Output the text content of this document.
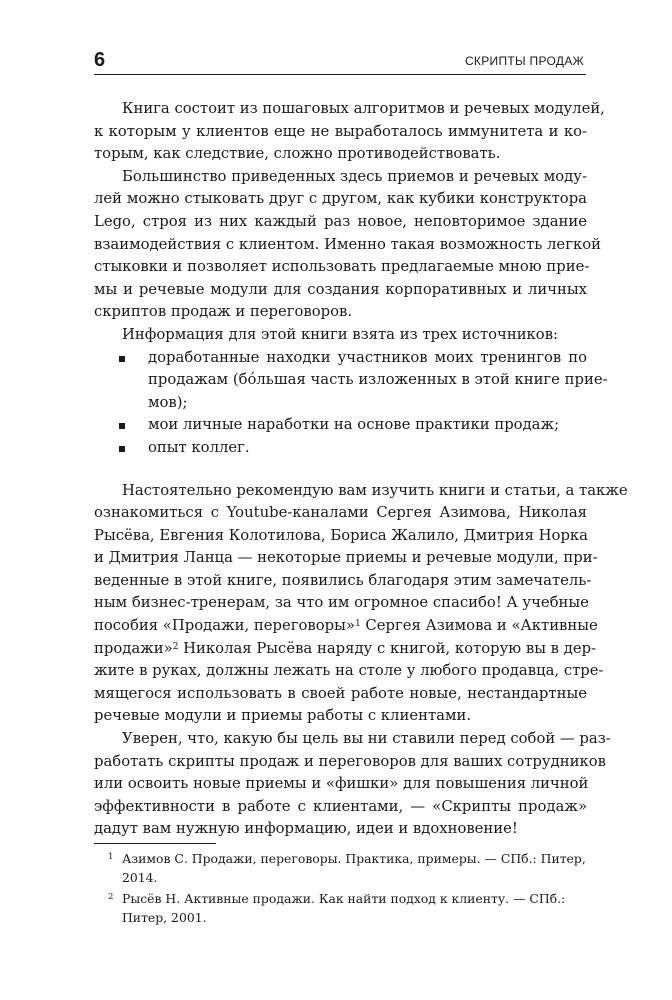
6	СКРИПТЫ ПРОДАЖ
Книга состоит из пошаговых алгоритмов и речевых модулей,
к которым у клиентов еще не выработалось иммунитета и ко-
торым, как следствие, сложно противодействовать.
Большинство приведенных здесь приемов и речевых моду-
лей можно стыковать друг с другом, как кубики конструктора
Lego, строя из них каждый раз новое, неповторимое здание
взаимодействия с клиентом. Именно такая возможность легкой
стыковки и позволяет использовать предлагаемые мною прие-
мы и речевые модули для создания корпоративных и личных
скриптов продаж и переговоров.
Информация для этой книги взята из трех источников:
доработанные находки участников моих тренингов по
продажам (бóльшая часть изложенных в этой книге прие-
мов);
мои личные наработки на основе практики продаж;
опыт коллег.
Настоятельно рекомендую вам изучить книги и статьи, а также
ознакомиться с Youtube-каналами Сергея Азимова, Николая
Рысёва, Евгения Колотилова, Бориса Жалило, Дмитрия Норка
и Дмитрия Ланца — некоторые приемы и речевые модули, при-
веденные в этой книге, появились благодаря этим замечатель-
ным бизнес-тренерам, за что им огромное спасибо! А учебные
пособия «Продажи, переговоры»$^1$ Сергея Азимова и «Активные
продажи»$^2$ Николая Рысёва наряду с книгой, которую вы в дер-
жите в руках, должны лежать на столе у любого продавца, стре-
мящегося использовать в своей работе новые, нестандартные
речевые модули и приемы работы с клиентами.
Уверен, что, какую бы цель вы ни ставили перед собой — раз-
работать скрипты продаж и переговоров для ваших сотрудников
или освоить новые приемы и «фишки» для повышения личной
эффективности в работе с клиентами, — «Скрипты продаж»
дадут вам нужную информацию, идеи и вдохновение!
1 Азимов С. Продажи, переговоры. Практика, примеры. — СПб.: Питер, 2014.
2 Рысёв Н. Активные продажи. Как найти подход к клиенту. — СПб.: Питер, 2001.
